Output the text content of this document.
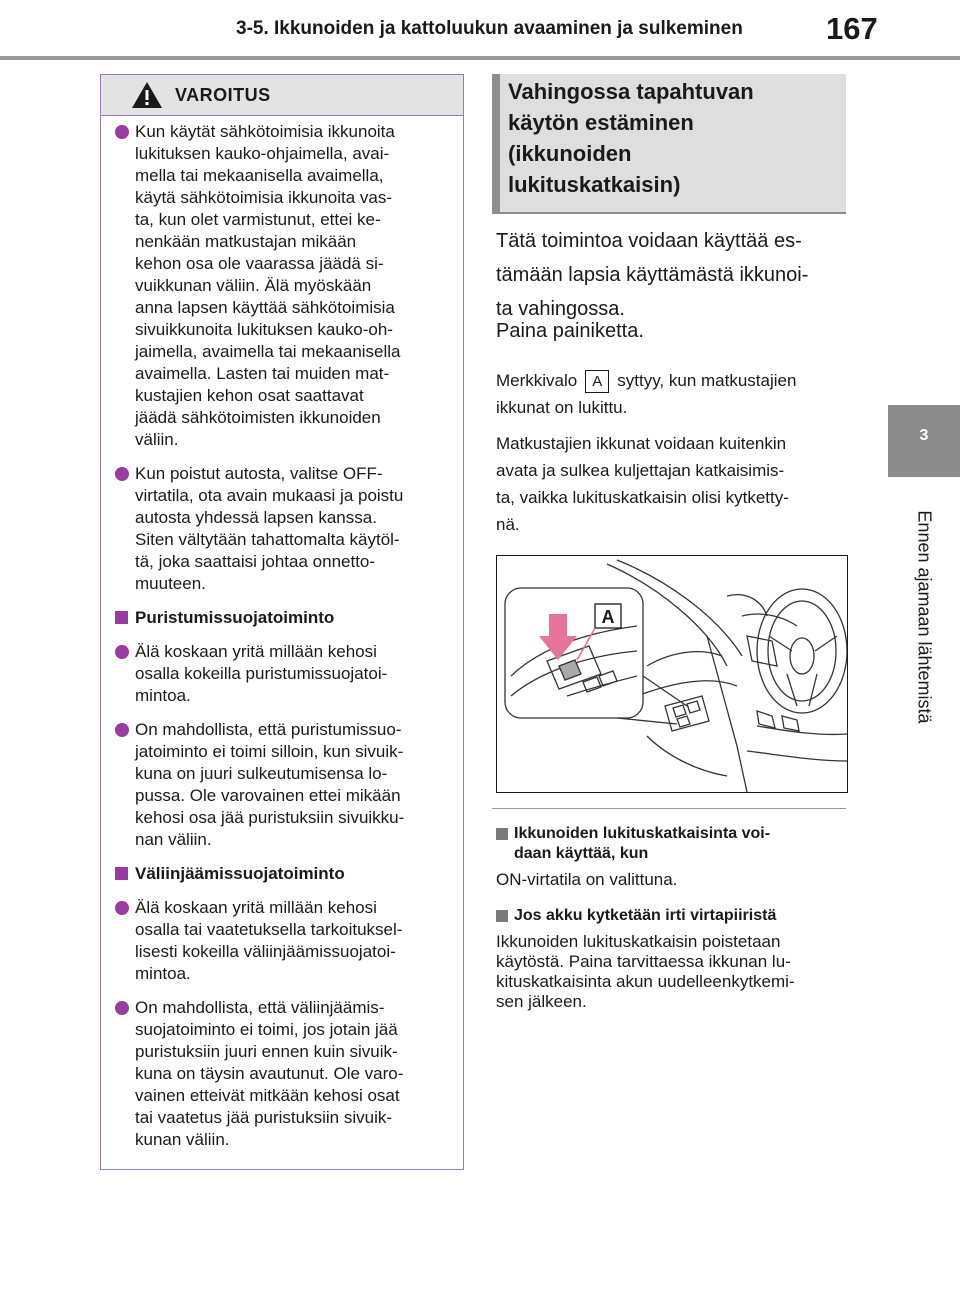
3-5. Ikkunoiden ja kattoluukun avaaminen ja sulkeminen	167
3
Ennen ajamaan lähtemistä
VAROITUS
Kun käytät sähkötoimisia ikkunoita
lukituksen kauko-ohjaimella, avai-
mella tai mekaanisella avaimella,
käytä sähkötoimisia ikkunoita vas-
ta, kun olet varmistunut, ettei ke-
nenkään matkustajan mikään
kehon osa ole vaarassa jäädä si-
vuikkunan väliin. Älä myöskään
anna lapsen käyttää sähkötoimisia
sivuikkunoita lukituksen kauko-oh-
jaimella, avaimella tai mekaanisella
avaimella. Lasten tai muiden mat-
kustajien kehon osat saattavat
jäädä sähkötoimisten ikkunoiden
väliin.
Kun poistut autosta, valitse OFF-
virtatila, ota avain mukaasi ja poistu
autosta yhdessä lapsen kanssa.
Siten vältytään tahattomalta käytöl-
tä, joka saattaisi johtaa onnetto-
muuteen.
Puristumissuojatoiminto
Älä koskaan yritä millään kehosi
osalla kokeilla puristumissuojatoi-
mintoa.
On mahdollista, että puristumissuo-
jatoiminto ei toimi silloin, kun sivuik-
kuna on juuri sulkeutumisensa lo-
pussa. Ole varovainen ettei mikään
kehosi osa jää puristuksiin sivuikku-
nan väliin.
Väliinjäämissuojatoiminto
Älä koskaan yritä millään kehosi
osalla tai vaatetuksella tarkoituksel-
lisesti kokeilla väliinjäämissuojatoi-
mintoa.
On mahdollista, että väliinjäämis-
suojatoiminto ei toimi, jos jotain jää
puristuksiin juuri ennen kuin sivuik-
kuna on täysin avautunut. Ole varo-
vainen etteivät mitkään kehosi osat
tai vaatetus jää puristuksiin sivuik-
kunan väliin.
Vahingossa tapahtuvan
käytön estäminen
(ikkunoiden
lukituskatkaisin)
Tätä toimintoa voidaan käyttää es-
tämään lapsia käyttämästä ikkunoi-
ta vahingossa.
Paina painiketta.
Merkkivalo A syttyy, kun matkustajien
ikkunat on lukittu.
Matkustajien ikkunat voidaan kuitenkin
avata ja sulkea kuljettajan katkaisimis-
ta, vaikka lukituskatkaisin olisi kytketty-
nä.
A
Ikkunoiden lukituskatkaisinta voi-
daan käyttää, kun
ON-virtatila on valittuna.
Jos akku kytketään irti virtapiiristä
Ikkunoiden lukituskatkaisin poistetaan
käytöstä. Paina tarvittaessa ikkunan lu-
kituskatkaisinta akun uudelleenkytkemi-
sen jälkeen.
